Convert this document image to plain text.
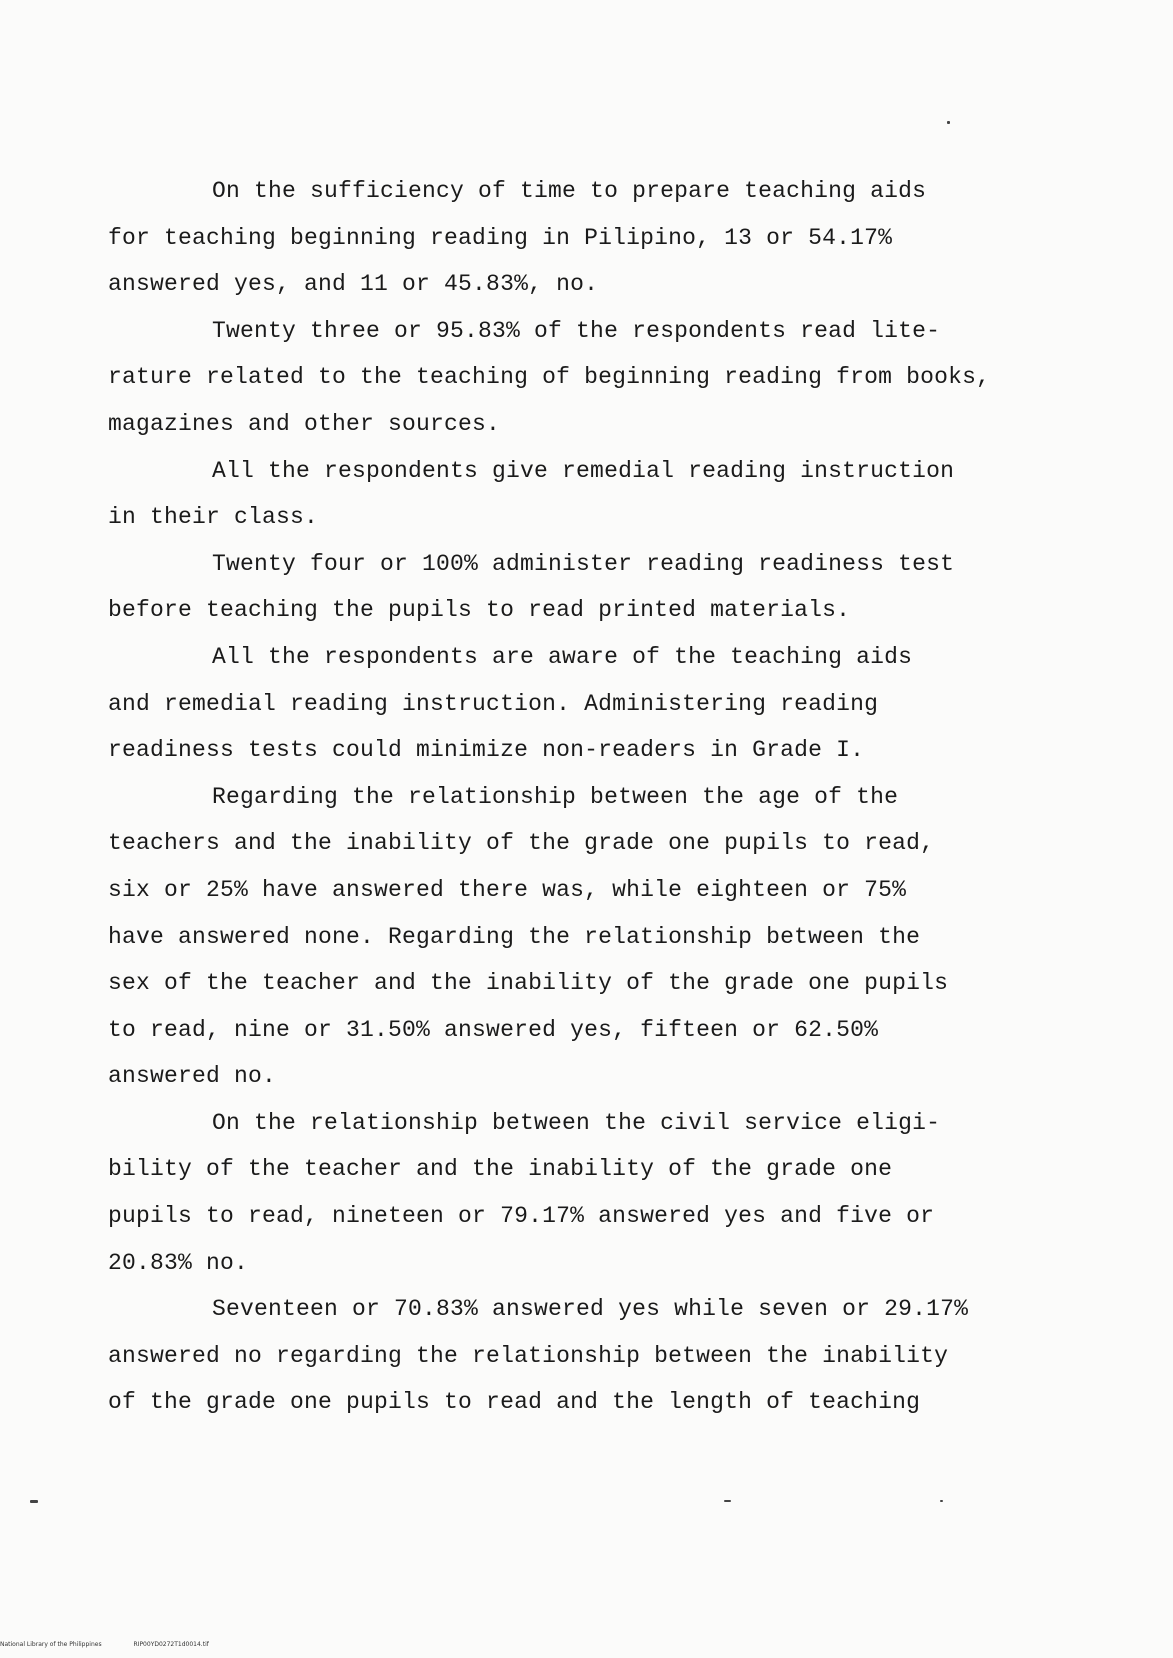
On the sufficiency of time to prepare teaching aids
for teaching beginning reading in Pilipino, 13 or 54.17%
answered yes, and 11 or 45.83%, no.
Twenty three or 95.83% of the respondents read lite-
rature related to the teaching of beginning reading from books,
magazines and other sources.
All the respondents give remedial reading instruction
in their class.
Twenty four or 100% administer reading readiness test
before teaching the pupils to read printed materials.
All the respondents are aware of the teaching aids
and remedial reading instruction. Administering reading
readiness tests could minimize non-readers in Grade I.
Regarding the relationship between the age of the
teachers and the inability of the grade one pupils to read,
six or 25% have answered there was, while eighteen or 75%
have answered none. Regarding the relationship between the
sex of the teacher and the inability of the grade one pupils
to read, nine or 31.50% answered yes, fifteen or 62.50%
answered no.
On the relationship between the civil service eligi-
bility of the teacher and the inability of the grade one
pupils to read, nineteen or 79.17% answered yes and five or
20.83% no.
Seventeen or 70.83% answered yes while seven or 29.17%
answered no regarding the relationship between the inability
of the grade one pupils to read and the length of teaching
National Library of the Philippines	RIP00YD0272T1d0014.tif
